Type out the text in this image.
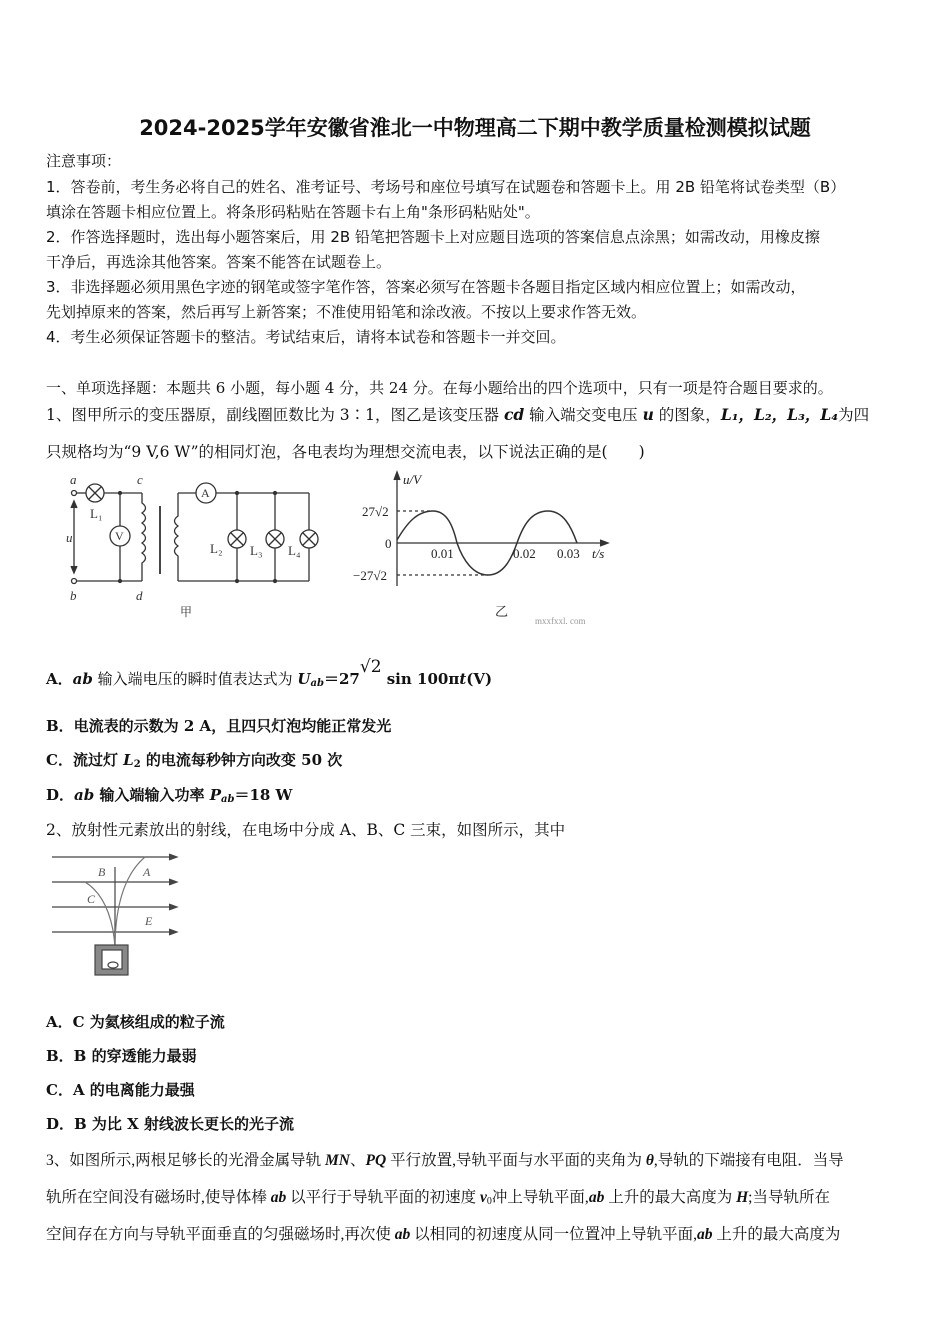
2024-2025学年安徽省淮北一中物理高二下期中教学质量检测模拟试题
注意事项：
1．答卷前，考生务必将自己的姓名、准考证号、考场号和座位号填写在试题卷和答题卡上。用 2B 铅笔将试卷类型（B）
填涂在答题卡相应位置上。将条形码粘贴在答题卡右上角"条形码粘贴处"。
2．作答选择题时，选出每小题答案后，用 2B 铅笔把答题卡上对应题目选项的答案信息点涂黑；如需改动，用橡皮擦
干净后，再选涂其他答案。答案不能答在试题卷上。
3．非选择题必须用黑色字迹的钢笔或签字笔作答，答案必须写在答题卡各题目指定区域内相应位置上；如需改动，
先划掉原来的答案，然后再写上新答案；不准使用铅笔和涂改液。不按以上要求作答无效。
4．考生必须保证答题卡的整洁。考试结束后，请将本试卷和答题卡一并交回。
一、单项选择题：本题共 6 小题，每小题 4 分，共 24 分。在每小题给出的四个选项中，只有一项是符合题目要求的。
1、图甲所示的变压器原，副线圈匝数比为 3∶1，图乙是该变压器 cd 输入端交变电压 u 的图象，L₁，L₂，L₃，L₄为四
只规格均为“9 V,6 W”的相同灯泡，各电表均为理想交流电表，以下说法正确的是(　　)
a
b
c
d
u
L₁
V
A
L₂ L₃ L₄
甲
u/V
27√2
0
−27√2
0.01	0.02 0.03 t/s
乙
mxxfxxl. com
A．ab 输入端电压的瞬时值表达式为 $U_{ab}=27√2$ sin 100πt(V)
B．电流表的示数为 2 A，且四只灯泡均能正常发光
C．流过灯 $L_2$ 的电流每秒钟方向改变 50 次
D．ab 输入端输入功率 $P_{ab}=18$ W
2、放射性元素放出的射线，在电场中分成 A、B、C 三束，如图所示，其中
B	A
C
E
A．C 为氦核组成的粒子流
B．B 的穿透能力最弱
C．A 的电离能力最强
D．B 为比 X 射线波长更长的光子流
3、如图所示,两根足够长的光滑金属导轨 MN、PQ 平行放置,导轨平面与水平面的夹角为 θ,导轨的下端接有电阻．当导
轨所在空间没有磁场时,使导体棒 ab 以平行于导轨平面的初速度 $v_0$冲上导轨平面,ab 上升的最大高度为 H;当导轨所在
空间存在方向与导轨平面垂直的匀强磁场时,再次使 ab 以相同的初速度从同一位置冲上导轨平面,ab 上升的最大高度为
